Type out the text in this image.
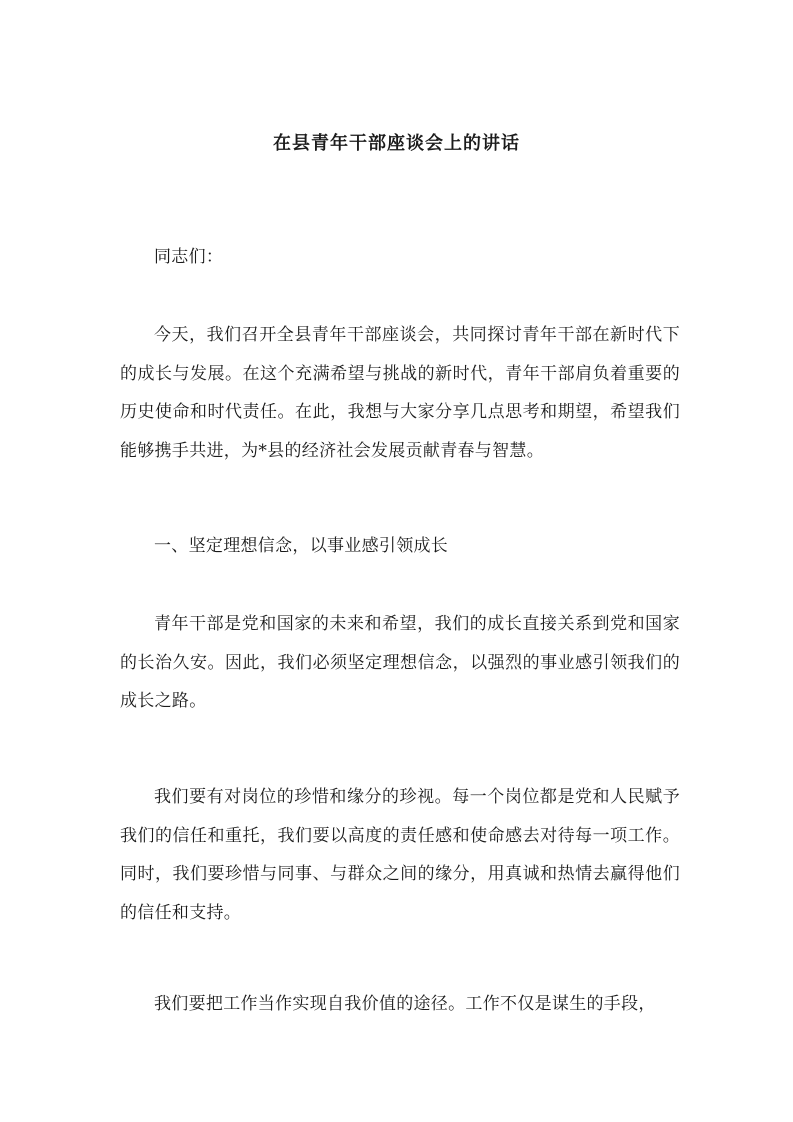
在县青年干部座谈会上的讲话

同志们：

今天，我们召开全县青年干部座谈会，共同探讨青年干部在新时代下的成长与发展。在这个充满希望与挑战的新时代，青年干部肩负着重要的历史使命和时代责任。在此，我想与大家分享几点思考和期望，希望我们能够携手共进，为*县的经济社会发展贡献青春与智慧。

一、坚定理想信念，以事业感引领成长

青年干部是党和国家的未来和希望，我们的成长直接关系到党和国家的长治久安。因此，我们必须坚定理想信念，以强烈的事业感引领我们的成长之路。

我们要有对岗位的珍惜和缘分的珍视。每一个岗位都是党和人民赋予我们的信任和重托，我们要以高度的责任感和使命感去对待每一项工作。同时，我们要珍惜与同事、与群众之间的缘分，用真诚和热情去赢得他们的信任和支持。

我们要把工作当作实现自我价值的途径。工作不仅是谋生的手段，
